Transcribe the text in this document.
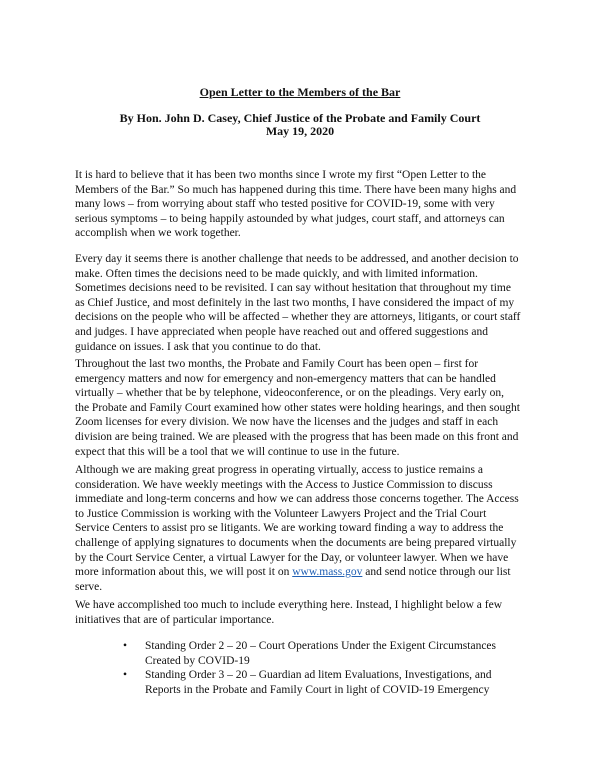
Open Letter to the Members of the Bar
By Hon. John D. Casey, Chief Justice of the Probate and Family Court
May 19, 2020
It is hard to believe that it has been two months since I wrote my first “Open Letter to the
Members of the Bar.” So much has happened during this time. There have been many highs and
many lows – from worrying about staff who tested positive for COVID-19, some with very
serious symptoms – to being happily astounded by what judges, court staff, and attorneys can
accomplish when we work together.
Every day it seems there is another challenge that needs to be addressed, and another decision to
make. Often times the decisions need to be made quickly, and with limited information.
Sometimes decisions need to be revisited. I can say without hesitation that throughout my time
as Chief Justice, and most definitely in the last two months, I have considered the impact of my
decisions on the people who will be affected – whether they are attorneys, litigants, or court staff
and judges. I have appreciated when people have reached out and offered suggestions and
guidance on issues. I ask that you continue to do that.
Throughout the last two months, the Probate and Family Court has been open – first for
emergency matters and now for emergency and non-emergency matters that can be handled
virtually – whether that be by telephone, videoconference, or on the pleadings. Very early on,
the Probate and Family Court examined how other states were holding hearings, and then sought
Zoom licenses for every division. We now have the licenses and the judges and staff in each
division are being trained. We are pleased with the progress that has been made on this front and
expect that this will be a tool that we will continue to use in the future.
Although we are making great progress in operating virtually, access to justice remains a
consideration. We have weekly meetings with the Access to Justice Commission to discuss
immediate and long-term concerns and how we can address those concerns together. The Access
to Justice Commission is working with the Volunteer Lawyers Project and the Trial Court
Service Centers to assist pro se litigants. We are working toward finding a way to address the
challenge of applying signatures to documents when the documents are being prepared virtually
by the Court Service Center, a virtual Lawyer for the Day, or volunteer lawyer. When we have
more information about this, we will post it on www.mass.gov and send notice through our list
serve.
We have accomplished too much to include everything here. Instead, I highlight below a few
initiatives that are of particular importance.
• Standing Order 2 – 20 – Court Operations Under the Exigent Circumstances
Created by COVID-19
• Standing Order 3 – 20 – Guardian ad litem Evaluations, Investigations, and
Reports in the Probate and Family Court in light of COVID-19 Emergency
